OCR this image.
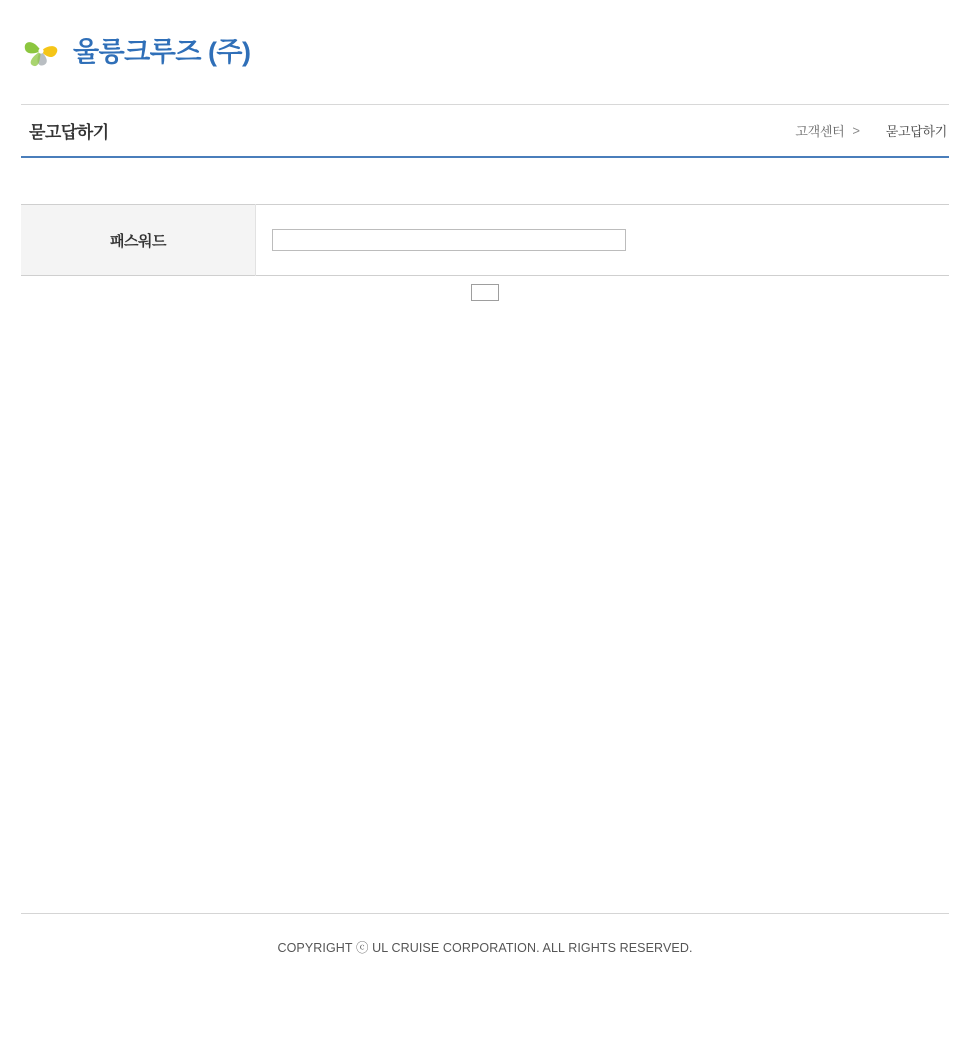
울릉크루즈 (주)
묻고답하기	고객센터 > 묻고답하기
패스워드	
COPYRIGHT ⓒ UL CRUISE CORPORATION. ALL RIGHTS RESERVED.
